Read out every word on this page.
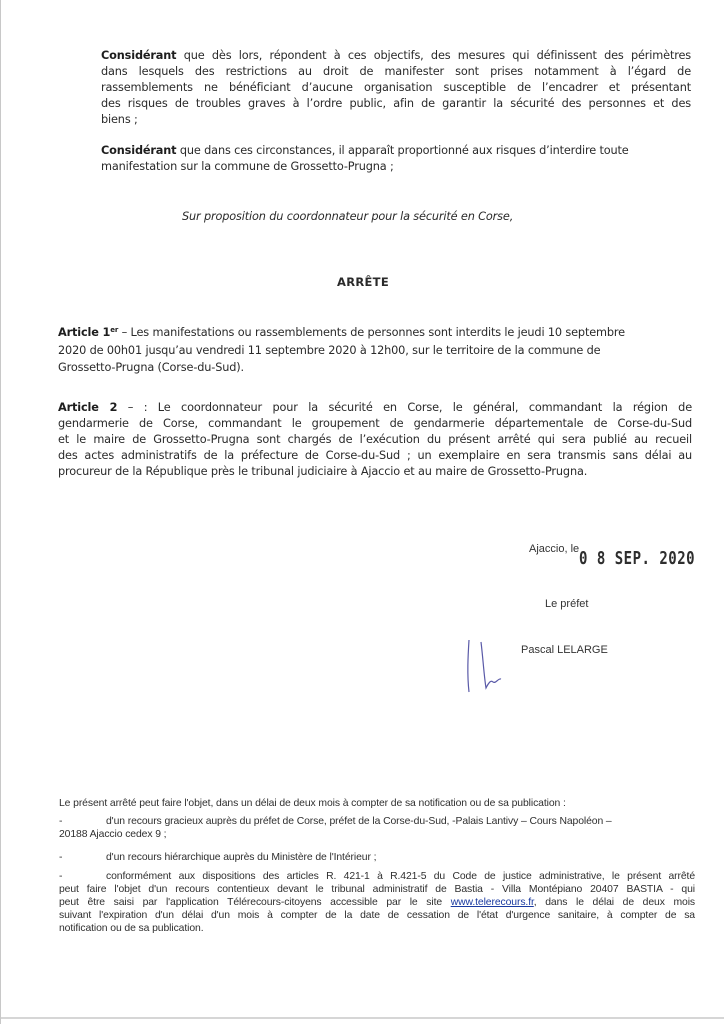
Considérant que dès lors, répondent à ces objectifs, des mesures qui définissent des périmètres
dans lesquels des restrictions au droit de manifester sont prises notamment à l’égard de
rassemblements ne bénéficiant d’aucune organisation susceptible de l’encadrer et présentant
des risques de troubles graves à l’ordre public, afin de garantir la sécurité des personnes et des
biens ;
Considérant que dans ces circonstances, il apparaît proportionné aux risques d’interdire toute
manifestation sur la commune de Grossetto-Prugna ;
Sur proposition du coordonnateur pour la sécurité en Corse,
ARRÊTE
Article 1er – Les manifestations ou rassemblements de personnes sont interdits le jeudi 10 septembre
2020 de 00h01 jusqu’au vendredi 11 septembre 2020 à 12h00, sur le territoire de la commune de
Grossetto-Prugna (Corse-du-Sud).
Article 2 – : Le coordonnateur pour la sécurité en Corse, le général, commandant la région de
gendarmerie de Corse, commandant le groupement de gendarmerie départementale de Corse-du-Sud
et le maire de Grossetto-Prugna sont chargés de l’exécution du présent arrêté qui sera publié au recueil
des actes administratifs de la préfecture de Corse-du-Sud ; un exemplaire en sera transmis sans délai au
procureur de la République près le tribunal judiciaire à Ajaccio et au maire de Grossetto-Prugna.
Ajaccio, le 0 8 SEP. 2020
Le préfet
Pascal LELARGE
Le présent arrêté peut faire l'objet, dans un délai de deux mois à compter de sa notification ou de sa publication :
-	d'un recours gracieux auprès du préfet de Corse, préfet de la Corse-du-Sud, -Palais Lantivy – Cours Napoléon –
20188 Ajaccio cedex 9 ;
-	d'un recours hiérarchique auprès du Ministère de l'Intérieur ;
-	conformément aux dispositions des articles R. 421-1 à R.421-5 du Code de justice administrative, le présent arrêté
peut faire l'objet d'un recours contentieux devant le tribunal administratif de Bastia - Villa Montépiano 20407 BASTIA - qui
peut être saisi par l'application Télérecours-citoyens accessible par le site www.telerecours.fr, dans le délai de deux mois
suivant l'expiration d'un délai d'un mois à compter de la date de cessation de l'état d'urgence sanitaire, à compter de sa
notification ou de sa publication.
